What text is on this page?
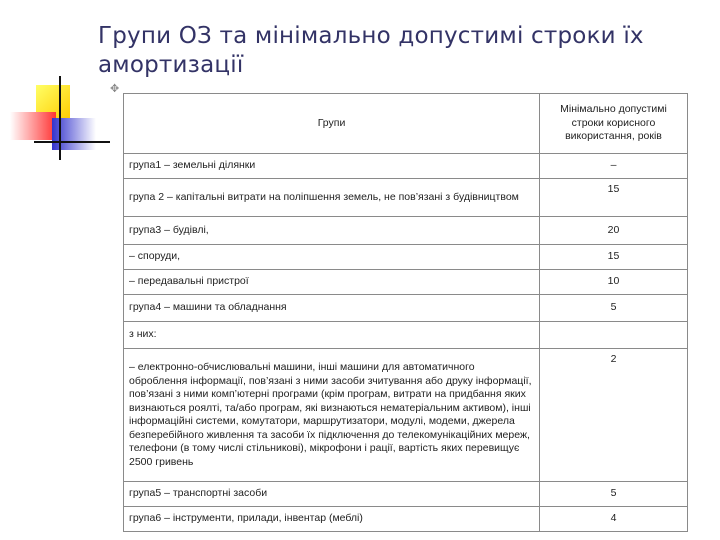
Групи ОЗ та мінімально допустимі строки їх амортизації
✥
Групи	Мінімально допустимі строки корисного використання, років
група1 – земельні ділянки	–
група 2 – капітальні витрати на поліпшення земель, не пов’язані з будівництвом	15
група3 – будівлі,	20
– споруди,	15
– передавальні пристрої	10
група4 – машини та обладнання	5
з них:	
– електронно-обчислювальні машини, інші машини для автоматичного оброблення інформації, пов’язані з ними засоби зчитування або друку інформації, пов’язані з ними комп’ютерні програми (крім програм, витрати на придбання яких визнаються роялті, та/або програм, які визнаються нематеріальним активом), інші інформаційні системи, комутатори, маршрутизатори, модулі, модеми, джерела безперебійного живлення та засоби їх підключення до телекомунікаційних мереж, телефони (в тому числі стільникові), мікрофони і рації, вартість яких перевищує 2500 гривень	2
група5 – транспортні засоби	5
група6 – інструменти, прилади, інвентар (меблі)	4
